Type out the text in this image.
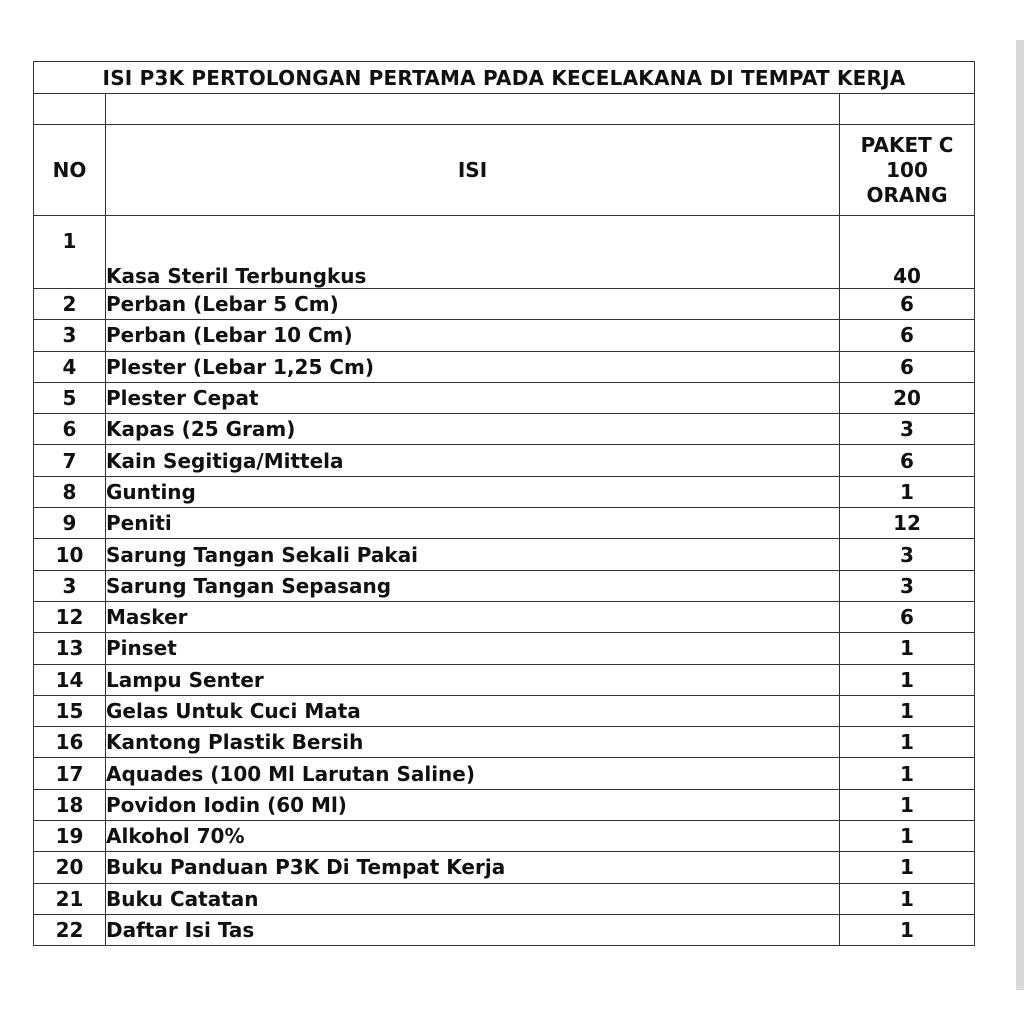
ISI P3K PERTOLONGAN PERTAMA PADA KECELAKANA DI TEMPAT KERJA		

NO	ISI	PAKET C
100
ORANG

1	Kasa Steril Terbungkus	40
2	Perban (Lebar 5 Cm)	6
3	Perban (Lebar 10 Cm)	6
4	Plester (Lebar 1,25 Cm)	6
5	Plester Cepat	20
6	Kapas (25 Gram)	3
7	Kain Segitiga/Mittela	6
8	Gunting	1
9	Peniti	12
10	Sarung Tangan Sekali Pakai	3
3	Sarung Tangan Sepasang	3
12	Masker	6
13	Pinset	1
14	Lampu Senter	1
15	Gelas Untuk Cuci Mata	1
16	Kantong Plastik Bersih	1
17	Aquades (100 Ml Larutan Saline)	1
18	Povidon Iodin (60 Ml)	1
19	Alkohol 70%	1
20	Buku Panduan P3K Di Tempat Kerja	1
21	Buku Catatan	1
22	Daftar Isi Tas	1
